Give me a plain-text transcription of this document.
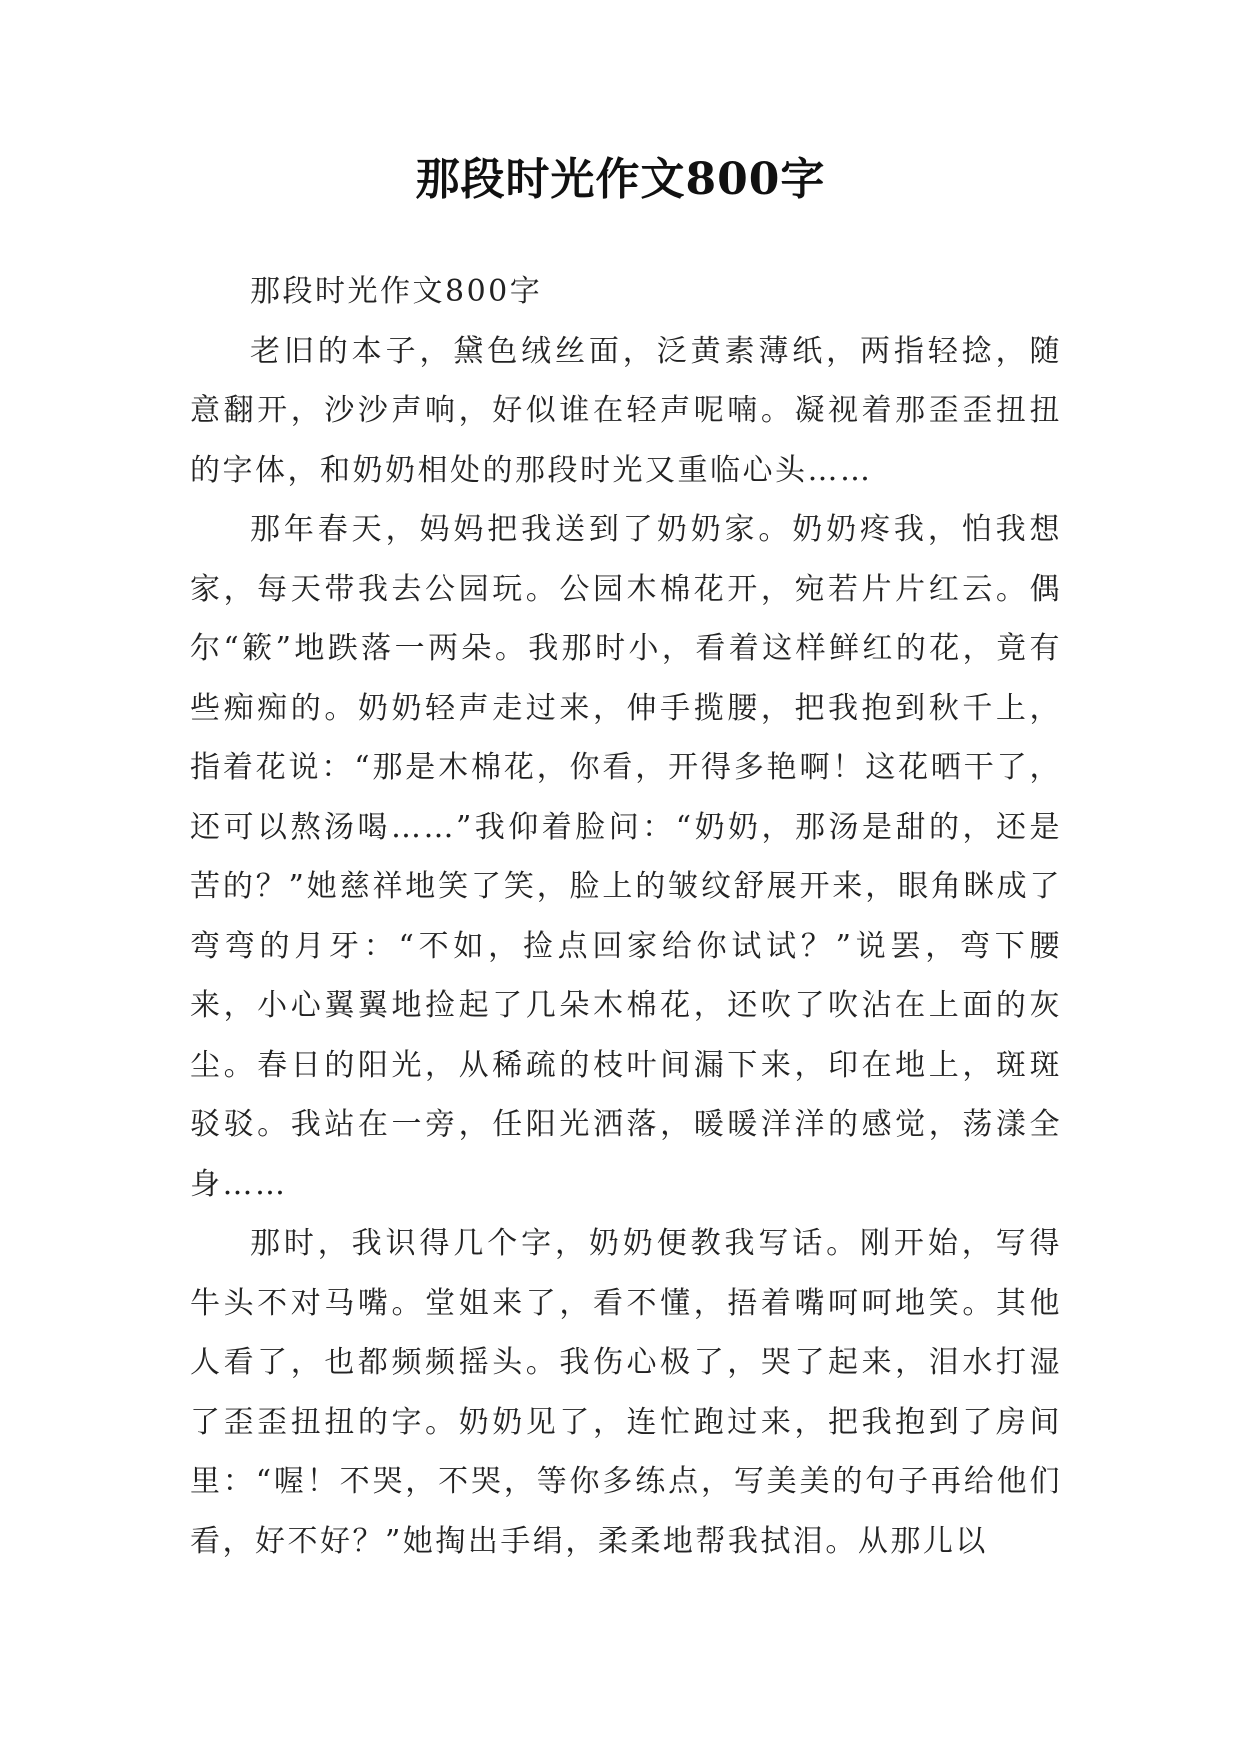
那段时光作文800字

那段时光作文800字

老旧的本子，黛色绒丝面，泛黄素薄纸，两指轻捻，随意翻开，沙沙声响，好似谁在轻声呢喃。凝视着那歪歪扭扭的字体，和奶奶相处的那段时光又重临心头……

那年春天，妈妈把我送到了奶奶家。奶奶疼我，怕我想家，每天带我去公园玩。公园木棉花开，宛若片片红云。偶尔“簌”地跌落一两朵。我那时小，看着这样鲜红的花，竟有些痴痴的。奶奶轻声走过来，伸手揽腰，把我抱到秋千上，指着花说：“那是木棉花，你看，开得多艳啊！这花晒干了，还可以熬汤喝……”我仰着脸问：“奶奶，那汤是甜的，还是苦的？”她慈祥地笑了笑，脸上的皱纹舒展开来，眼角眯成了弯弯的月牙：“不如，捡点回家给你试试？”说罢，弯下腰来，小心翼翼地捡起了几朵木棉花，还吹了吹沾在上面的灰尘。春日的阳光，从稀疏的枝叶间漏下来，印在地上，斑斑驳驳。我站在一旁，任阳光洒落，暖暖洋洋的感觉，荡漾全身……

那时，我识得几个字，奶奶便教我写话。刚开始，写得牛头不对马嘴。堂姐来了，看不懂，捂着嘴呵呵地笑。其他人看了，也都频频摇头。我伤心极了，哭了起来，泪水打湿了歪歪扭扭的字。奶奶见了，连忙跑过来，把我抱到了房间里：“喔！不哭，不哭，等你多练点，写美美的句子再给他们看，好不好？”她掏出手绢，柔柔地帮我拭泪。从那儿以
